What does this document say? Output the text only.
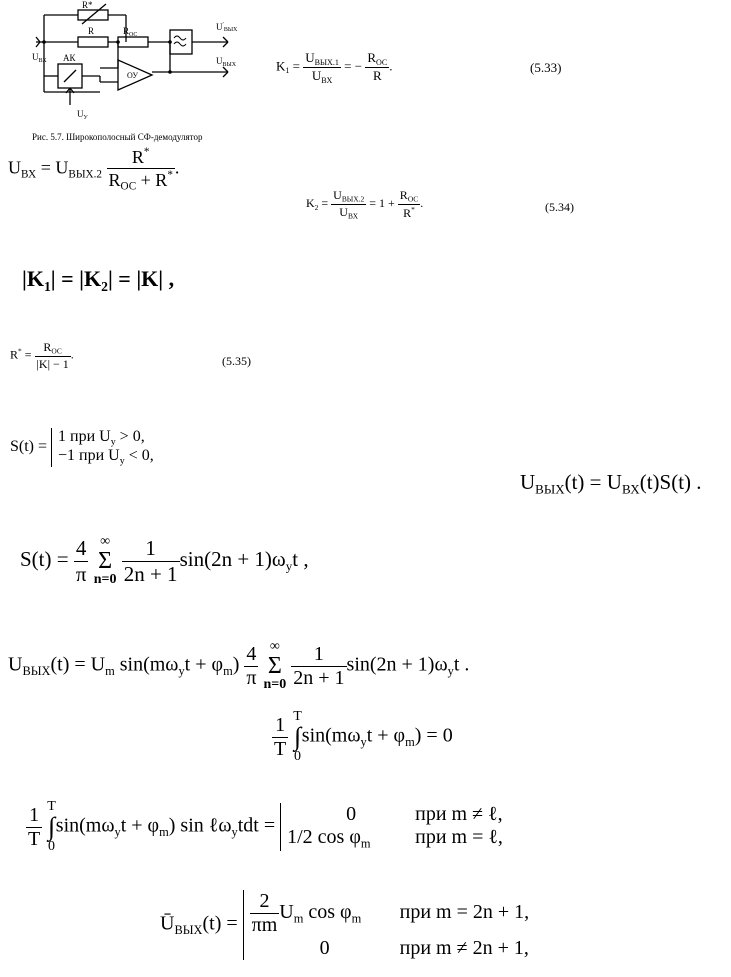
R*
R	$R_{ОС}$
АК
ОУ
$U_{ВХ}$
$U'_{ВЫХ}$
$U_{ВЫХ}$
$U_У$
Рис. 5.7. Широкополосный СФ-демодулятор
$K_1 = \frac{U_{ВЫХ.1}}{U_{ВХ}}$ = − $\frac{R_{ОС}}{R}$ .	(5.33)
$U_{ВХ} = U_{ВЫХ.2} \frac{R^*}{R_{ОС} + R^*}$ .
$K_2 = \frac{U_{ВЫХ.2}}{U_{ВХ}} = 1 + \frac{R_{ОС}}{R^*}$ .	(5.34)
$|K_1| = |K_2| = |K|$ ,
$R^* = \frac{R_{ОС}}{|K| - 1}$ .	(5.35)
S(t) =
1 при $U_y > 0$,
−1 при $U_y < 0$,
$U_{ВЫХ}(t) = U_{ВХ}(t)S(t)$ .
$S(t) = \frac{4}{\pi}$
∞
Σ
n=0
$\frac{1}{2n + 1} \sin(2n + 1)\omega_yt$ ,
$U_{ВЫХ}(t) = U_m$ $\sin(m\omega_yt + \varphi_m) \frac{4}{\pi}$
∞
Σ
n=0
$\frac{1}{2n + 1} \sin(2n + 1)\omega_yt$ .
$\frac{1}{T}$
T
∫
0
$\sin(m\omega_yt + \varphi_m) = 0$
$\frac{1}{T}$
T
∫
0
$\sin(m\omega_yt + \varphi_m)$ sin ℓω$_y$tdt =
0	при m ≠ ℓ,
1/2 $\cos \varphi_m$ при m = ℓ,
$Ū_{ВЫХ}(t) = \frac{2}{\pi m} U_m$ $\cos \varphi_m$ при m = 2n + 1,
0	при m ≠ 2n + 1,
